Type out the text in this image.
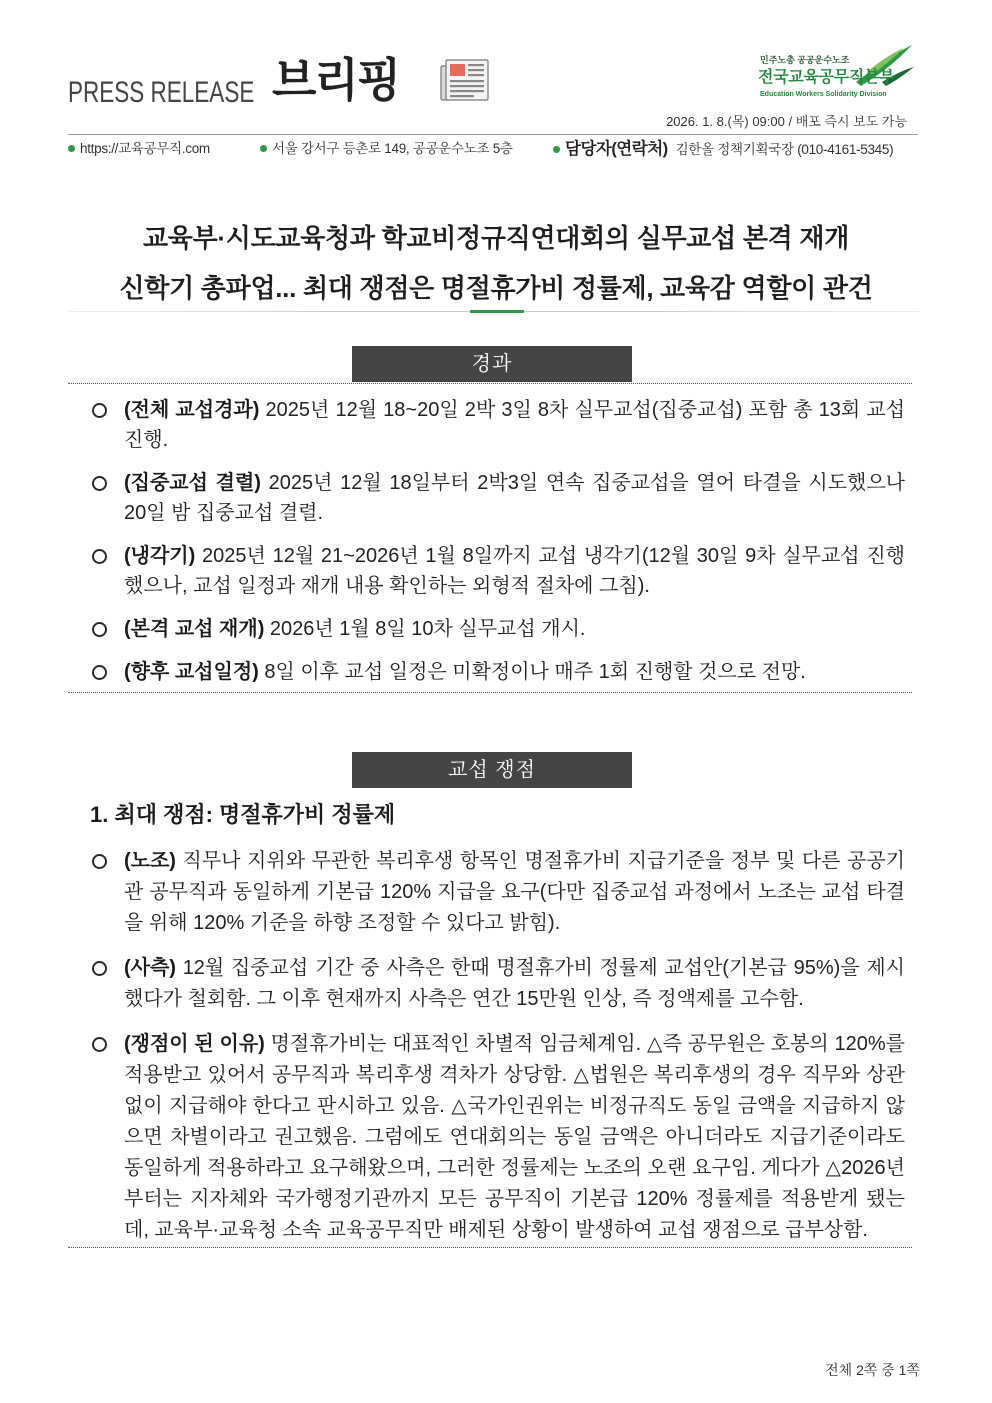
PRESS RELEASE 브리핑	민주노총 공공운수노조
전국교육공무직본부
Education Workers Solidarity Division
2026. 1. 8.(목) 09:00 / 배포 즉시 보도 가능
https://교육공무직.com	서울 강서구 등촌로 149, 공공운수노조 5층	담당자(연락처) 김한올 정책기획국장 (010-4161-5345)
교육부·시도교육청과 학교비정규직연대회의 실무교섭 본격 재개
신학기 총파업... 최대 쟁점은 명절휴가비 정률제, 교육감 역할이 관건
경과

(전체 교섭경과) 2025년 12월 18~20일 2박 3일 8차 실무교섭(집중교섭) 포함 총 13회 교섭 진행.

(집중교섭 결렬) 2025년 12월 18일부터 2박3일 연속 집중교섭을 열어 타결을 시도했으나 20일 밤 집중교섭 결렬.

(냉각기) 2025년 12월 21~2026년 1월 8일까지 교섭 냉각기(12월 30일 9차 실무교섭 진행했으나, 교섭 일정과 재개 내용 확인하는 외형적 절차에 그침).

(본격 교섭 재개) 2026년 1월 8일 10차 실무교섭 개시.

(향후 교섭일정) 8일 이후 교섭 일정은 미확정이나 매주 1회 진행할 것으로 전망.

교섭 쟁점
1. 최대 쟁점: 명절휴가비 정률제

(노조) 직무나 지위와 무관한 복리후생 항목인 명절휴가비 지급기준을 정부 및 다른 공공기관 공무직과 동일하게 기본급 120% 지급을 요구(다만 집중교섭 과정에서 노조는 교섭 타결을 위해 120% 기준을 하향 조정할 수 있다고 밝힘).

(사측) 12월 집중교섭 기간 중 사측은 한때 명절휴가비 정률제 교섭안(기본급 95%)을 제시했다가 철회함. 그 이후 현재까지 사측은 연간 15만원 인상, 즉 정액제를 고수함.

(쟁점이 된 이유) 명절휴가비는 대표적인 차별적 임금체계임. △즉 공무원은 호봉의 120%를 적용받고 있어서 공무직과 복리후생 격차가 상당함. △법원은 복리후생의 경우 직무와 상관없이 지급해야 한다고 판시하고 있음. △국가인권위는 비정규직도 동일 금액을 지급하지 않으면 차별이라고 권고했음. 그럼에도 연대회의는 동일 금액은 아니더라도 지급기준이라도 동일하게 적용하라고 요구해왔으며, 그러한 정률제는 노조의 오랜 요구임. 게다가 △2026년부터는 지자체와 국가행정기관까지 모든 공무직이 기본급 120% 정률제를 적용받게 됐는데, 교육부·교육청 소속 교육공무직만 배제된 상황이 발생하여 교섭 쟁점으로 급부상함.

전체 2쪽 중 1쪽
